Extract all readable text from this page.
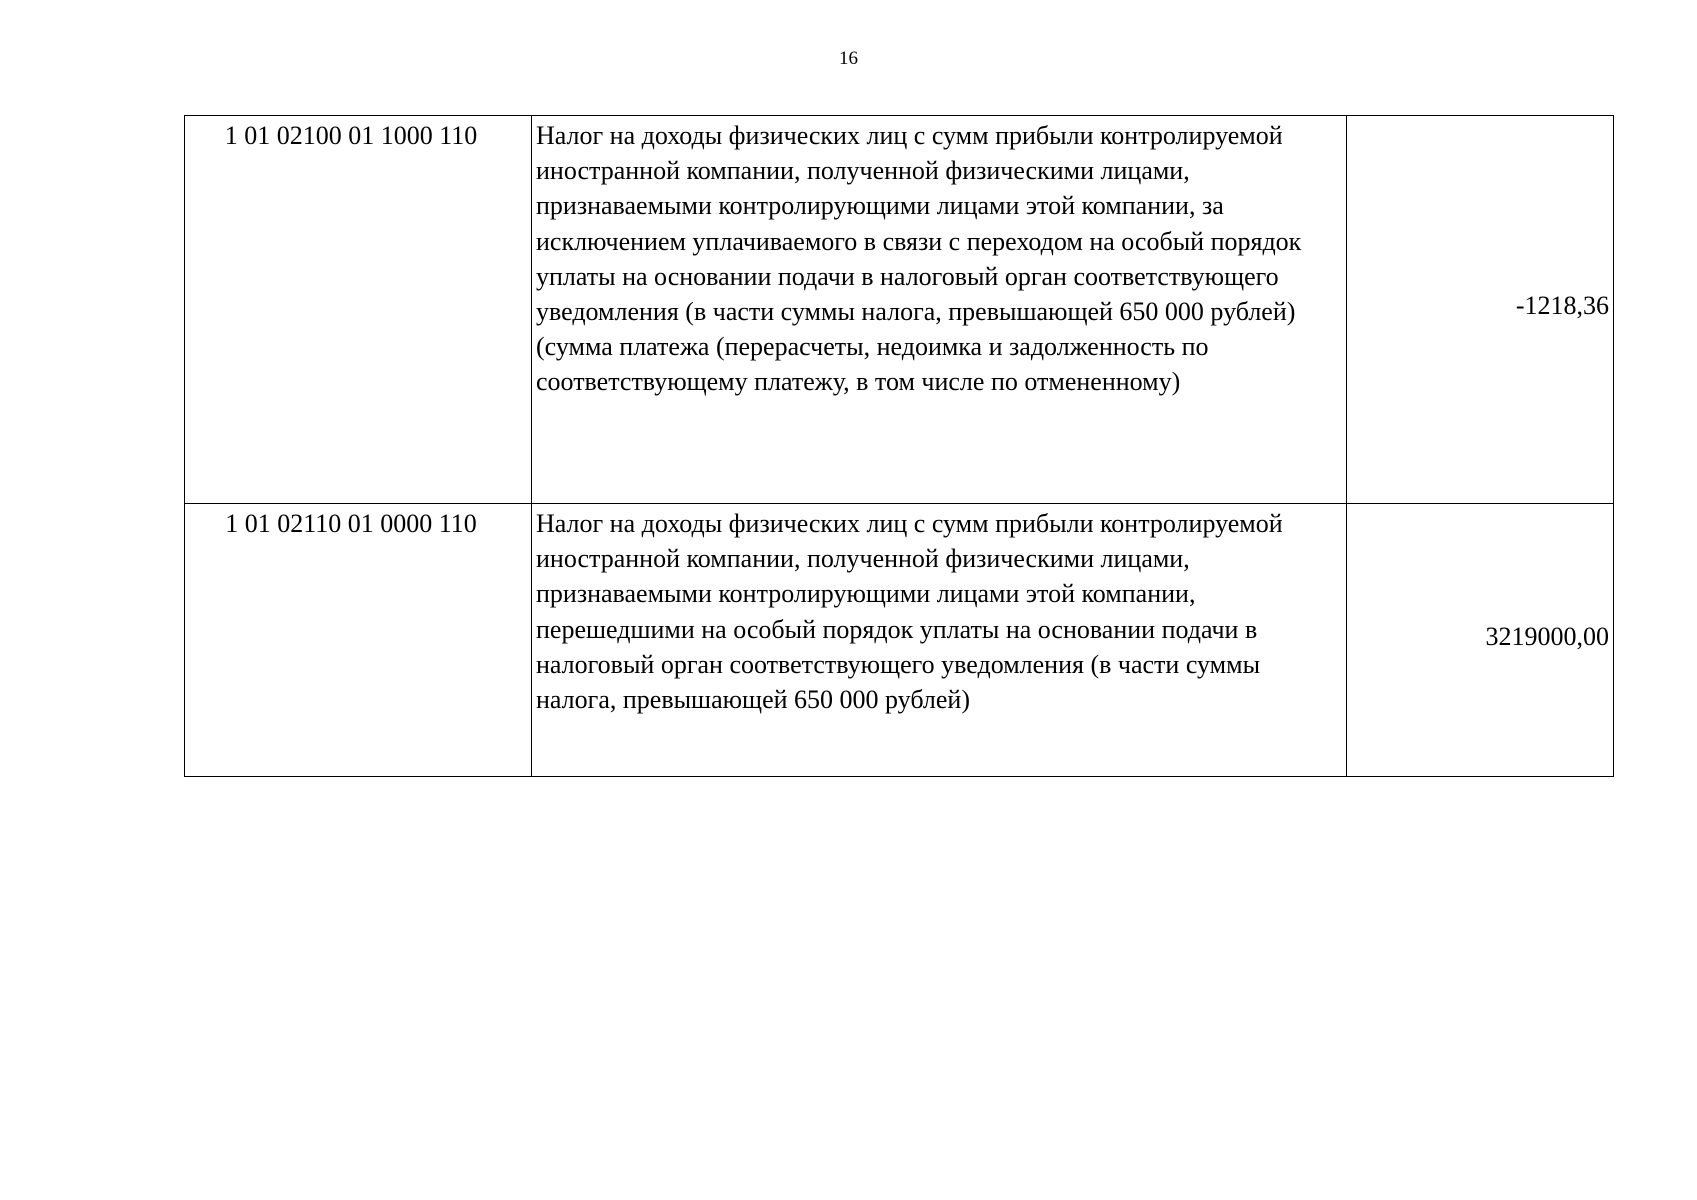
16
1 01 02100 01 1000 110	Налог на доходы физических лиц с сумм прибыли контролируемой иностранной компании, полученной физическими лицами, признаваемыми контролирующими лицами этой компании, за исключением уплачиваемого в связи с переходом на особый порядок уплаты на основании подачи в налоговый орган соответствующего уведомления (в части суммы налога, превышающей 650 000 рублей) (сумма платежа (перерасчеты, недоимка и задолженность по соответствующему платежу, в том числе по отмененному)	-1218,36
1 01 02110 01 0000 110	Налог на доходы физических лиц с сумм прибыли контролируемой иностранной компании, полученной физическими лицами, признаваемыми контролирующими лицами этой компании, перешедшими на особый порядок уплаты на основании подачи в налоговый орган соответствующего уведомления (в части суммы налога, превышающей 650 000 рублей)	3219000,00
